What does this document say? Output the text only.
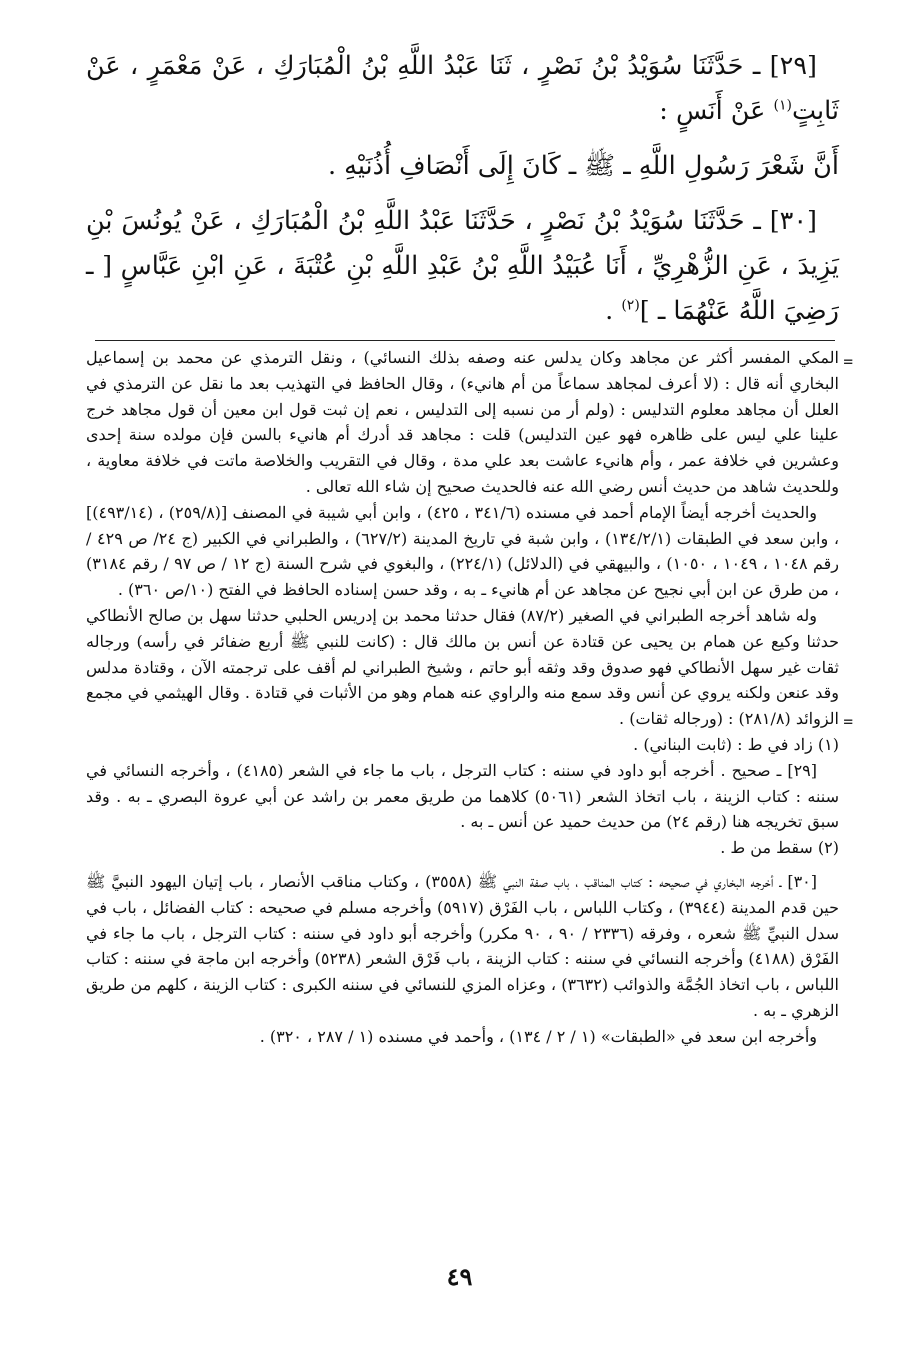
[٢٩] ـ حَدَّثَنَا سُوَيْدُ بْنُ نَصْرٍ ، ثَنَا عَبْدُ اللَّهِ بْنُ الْمُبَارَكِ ، عَنْ مَعْمَرٍ ، عَنْ ثَابِتٍ$^{(١)}$ عَنْ أَنَسٍ :

أَنَّ شَعْرَ رَسُولِ اللَّهِ ـ ﷺ ـ كَانَ إِلَى أَنْصَافِ أُذُنَيْهِ .

[٣٠] ـ حَدَّثَنَا سُوَيْدُ بْنُ نَصْرٍ ، حَدَّثَنَا عَبْدُ اللَّهِ بْنُ الْمُبَارَكِ ، عَنْ يُونُسَ بْنِ يَزِيدَ ، عَنِ الزُّهْرِيِّ ، أَنَا عُبَيْدُ اللَّهِ بْنُ عَبْدِ اللَّهِ بْنِ عُتْبَةَ ، عَنِ ابْنِ عَبَّاسٍ [ ـ رَضِيَ اللَّهُ عَنْهُمَا ـ ]$^{(٢)}$ .

=
=

المكي المفسر أكثر عن مجاهد وكان يدلس عنه وصفه بذلك النسائي) ، ونقل الترمذي عن محمد بن إسماعيل البخاري أنه قال : (لا أعرف لمجاهد سماعاً من أم هانيء) ، وقال الحافظ في التهذيب بعد ما نقل عن الترمذي في العلل أن مجاهد معلوم التدليس : (ولم أر من نسبه إلى التدليس ، نعم إن ثبت قول ابن معين أن قول مجاهد خرج علينا علي ليس على ظاهره فهو عين التدليس) قلت : مجاهد قد أدرك أم هانيء بالسن فإن مولده سنة إحدى وعشرين في خلافة عمر ، وأم هانيء عاشت بعد علي مدة ، وقال في التقريب والخلاصة ماتت في خلافة معاوية ، وللحديث شاهد من حديث أنس رضي الله عنه فالحديث صحيح إن شاء الله تعالى .

والحديث أخرجه أيضاً الإمام أحمد في مسنده (٣٤١/٦ ، ٤٢٥) ، وابن أبي شيبة في المصنف [(٢٥٩/٨) ، (٤٩٣/١٤)] ، وابن سعد في الطبقات (١٣٤/٢/١) ، وابن شبة في تاريخ المدينة (٦٢٧/٢) ، والطبراني في الكبير (ج ٢٤/ ص ٤٢٩ / رقم ١٠٤٨ ، ١٠٤٩ ، ١٠٥٠) ، والبيهقي في (الدلائل) (٢٢٤/١) ، والبغوي في شرح السنة (ج ١٢ / ص ٩٧ / رقم ٣١٨٤) ، من طرق عن ابن أبي نجيح عن مجاهد عن أم هانيء ـ به ، وقد حسن إسناده الحافظ في الفتح (١٠/ص ٣٦٠) .

وله شاهد أخرجه الطبراني في الصغير (٨٧/٢) فقال حدثنا محمد بن إدريس الحلبي حدثنا سهل بن صالح الأنطاكي حدثنا وكيع عن همام بن يحيى عن قتادة عن أنس بن مالك قال : (كانت للنبي ﷺ أربع ضفائر في رأسه) ورجاله ثقات غير سهل الأنطاكي فهو صدوق وقد وثقه أبو حاتم ، وشيخ الطبراني لم أقف على ترجمته الآن ، وقتادة مدلس وقد عنعن ولكنه يروي عن أنس وقد سمع منه والراوي عنه همام وهو من الأثبات في قتادة . وقال الهيثمي في مجمع الزوائد (٢٨١/٨) : (ورجاله ثقات) .

(١) زاد في ط : (ثابت البناني) .

[٢٩] ـ صحيح . أخرجه أبو داود في سننه : كتاب الترجل ، باب ما جاء في الشعر (٤١٨٥) ، وأخرجه النسائي في سننه : كتاب الزينة ، باب اتخاذ الشعر (٥٠٦١) كلاهما من طريق معمر بن راشد عن أبي عروة البصري ـ به . وقد سبق تخريجه هنا (رقم ٢٤) من حديث حميد عن أنس ـ به .

(٢) سقط من ط .

[٣٠] ـ أخرجه البخاري في صحيحه : كتاب المناقب ، باب صفة النبي ﷺ (٣٥٥٨) ، وكتاب مناقب الأنصار ، باب إتيان اليهود النبيَّ ﷺ حين قدم المدينة (٣٩٤٤) ، وكتاب اللباس ، باب الفَرْق (٥٩١٧) وأخرجه مسلم في صحيحه : كتاب الفضائل ، باب في سدل النبيِّ ﷺ شعره ، وفرقه (٢٣٣٦ / ٩٠ ، ٩٠ مكرر) وأخرجه أبو داود في سننه : كتاب الترجل ، باب ما جاء في الفَرْق (٤١٨٨) وأخرجه النسائي في سننه : كتاب الزينة ، باب فَرْق الشعر (٥٢٣٨) وأخرجه ابن ماجة في سننه : كتاب اللباس ، باب اتخاذ الجُمَّة والذوائب (٣٦٣٢) ، وعزاه المزي للنسائي في سننه الكبرى : كتاب الزينة ، كلهم من طريق الزهري ـ به .

وأخرجه ابن سعد في «الطبقات» (١ / ٢ / ١٣٤) ، وأحمد في مسنده (١ / ٢٨٧ ، ٣٢٠) .

٤٩
